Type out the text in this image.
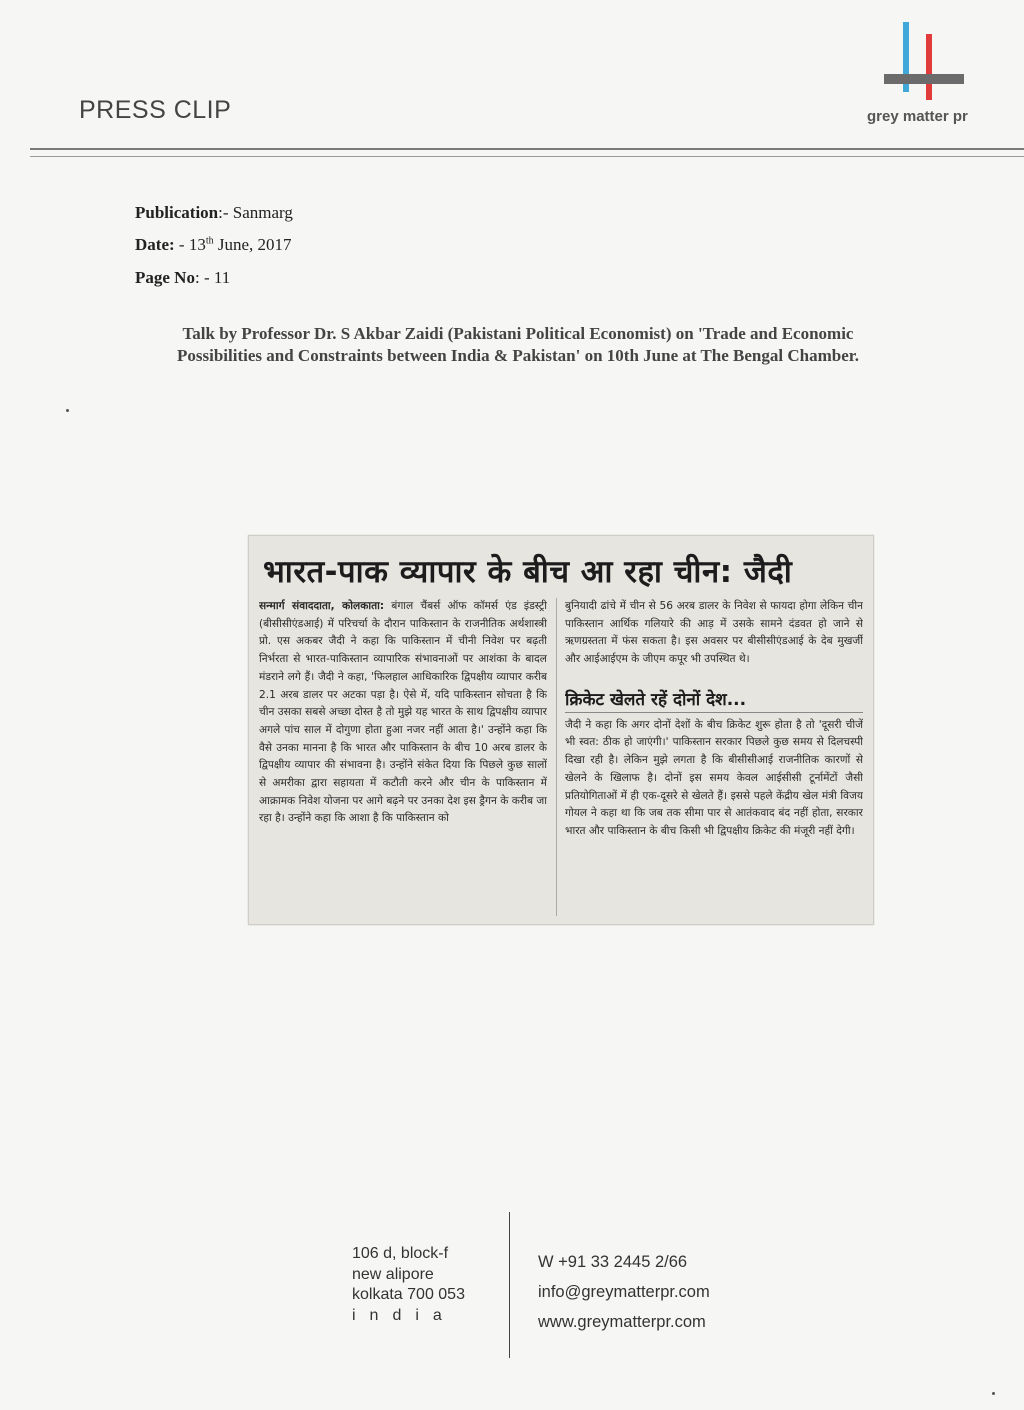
PRESS CLIP	grey matter pr
Publication:- Sanmarg
Date: - 13th June, 2017
Page No: - 11
Talk by Professor Dr. S Akbar Zaidi (Pakistani Political Economist) on 'Trade and Economic Possibilities and Constraints between India & Pakistan' on 10th June at The Bengal Chamber.
भारत-पाक व्यापार के बीच आ रहा चीन: जैदी
सन्मार्ग संवाददाता, कोलकाता: बंगाल चैंबर्स ऑफ कॉमर्स एंड इंडस्ट्री (बीसीसीएंडआई) में परिचर्चा के दौरान पाकिस्तान के राजनीतिक अर्थशास्त्री प्रो. एस अकबर जैदी ने कहा कि पाकिस्तान में चीनी निवेश पर बढ़ती निर्भरता से भारत-पाकिस्तान व्यापारिक संभावनाओं पर आशंका के बादल मंडराने लगे हैं। जैदी ने कहा, 'फिलहाल आधिकारिक द्विपक्षीय व्यापार करीब 2.1 अरब डालर पर अटका पड़ा है। ऐसे में, यदि पाकिस्तान सोचता है कि चीन उसका सबसे अच्छा दोस्त है तो मुझे यह भारत के साथ द्विपक्षीय व्यापार अगले पांच साल में दोगुणा होता हुआ नजर नहीं आता है।' उन्होंने कहा कि वैसे उनका मानना है कि भारत और पाकिस्तान के बीच 10 अरब डालर के द्विपक्षीय व्यापार की संभावना है। उन्होंने संकेत दिया कि पिछले कुछ सालों से अमरीका द्वारा सहायता में कटौती करने और चीन के पाकिस्तान में आक्रामक निवेश योजना पर आगे बढ़ने पर उनका देश इस ड्रैगन के करीब जा रहा है। उन्होंने कहा कि आशा है कि पाकिस्तान को
बुनियादी ढांचे में चीन से 56 अरब डालर के निवेश से फायदा होगा लेकिन चीन पाकिस्तान आर्थिक गलियारे की आड़ में उसके सामने दंडवत हो जाने से ऋणग्रस्तता में फंस सकता है। इस अवसर पर बीसीसीएंडआई के देब मुखर्जी और आईआईएम के जीएम कपूर भी उपस्थित थे।
क्रिकेट खेलते रहें दोनों देश...
जैदी ने कहा कि अगर दोनों देशों के बीच क्रिकेट शुरू होता है तो 'दूसरी चीजें भी स्वत: ठीक हो जाएंगी।' पाकिस्तान सरकार पिछले कुछ समय से दिलचस्पी दिखा रही है। लेकिन मुझे लगता है कि बीसीसीआई राजनीतिक कारणों से खेलने के खिलाफ है। दोनों इस समय केवल आईसीसी टूर्नामेंटों जैसी प्रतियोगिताओं में ही एक-दूसरे से खेलते हैं। इससे पहले केंद्रीय खेल मंत्री विजय गोयल ने कहा था कि जब तक सीमा पार से आतंकवाद बंद नहीं होता, सरकार भारत और पाकिस्तान के बीच किसी भी द्विपक्षीय क्रिकेट की मंजूरी नहीं देगी।
106 d, block-f
new alipore
kolkata 700 053
india
W +91 33 2445 2/66
info@greymatterpr.com
www.greymatterpr.com
